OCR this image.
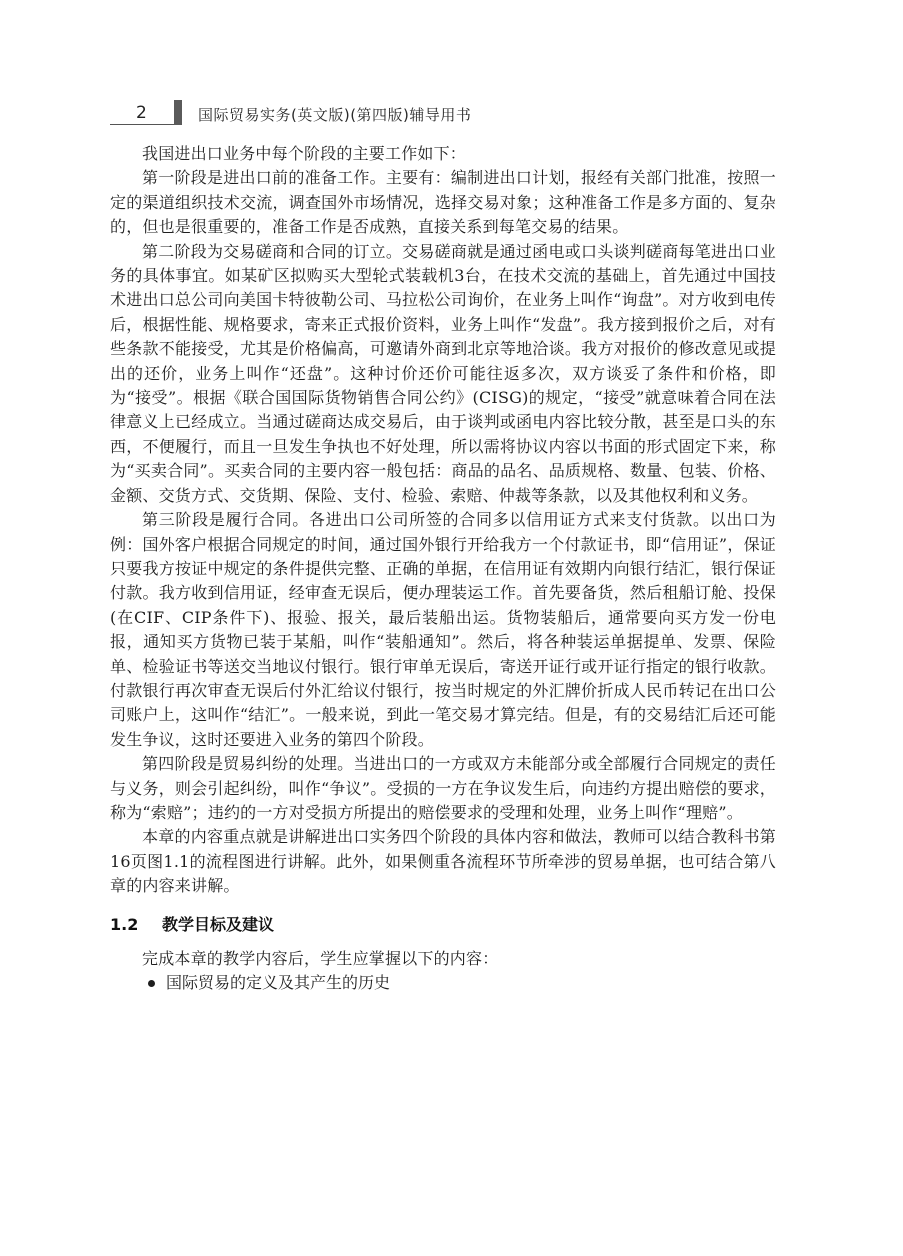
2	国际贸易实务(英文版)(第四版)辅导用书

我国进出口业务中每个阶段的主要工作如下：

第一阶段是进出口前的准备工作。主要有：编制进出口计划，报经有关部门批准，按照一定的渠道组织技术交流，调查国外市场情况，选择交易对象；这种准备工作是多方面的、复杂的，但也是很重要的，准备工作是否成熟，直接关系到每笔交易的结果。

第二阶段为交易磋商和合同的订立。交易磋商就是通过函电或口头谈判磋商每笔进出口业务的具体事宜。如某矿区拟购买大型轮式装载机3台，在技术交流的基础上，首先通过中国技术进出口总公司向美国卡特彼勒公司、马拉松公司询价，在业务上叫作“询盘”。对方收到电传后，根据性能、规格要求，寄来正式报价资料，业务上叫作“发盘”。我方接到报价之后，对有些条款不能接受，尤其是价格偏高，可邀请外商到北京等地洽谈。我方对报价的修改意见或提出的还价，业务上叫作“还盘”。这种讨价还价可能往返多次，双方谈妥了条件和价格，即为“接受”。根据《联合国国际货物销售合同公约》(CISG)的规定，“接受”就意味着合同在法律意义上已经成立。当通过磋商达成交易后，由于谈判或函电内容比较分散，甚至是口头的东西，不便履行，而且一旦发生争执也不好处理，所以需将协议内容以书面的形式固定下来，称为“买卖合同”。买卖合同的主要内容一般包括：商品的品名、品质规格、数量、包装、价格、金额、交货方式、交货期、保险、支付、检验、索赔、仲裁等条款，以及其他权利和义务。

第三阶段是履行合同。各进出口公司所签的合同多以信用证方式来支付货款。以出口为例：国外客户根据合同规定的时间，通过国外银行开给我方一个付款证书，即“信用证”，保证只要我方按证中规定的条件提供完整、正确的单据，在信用证有效期内向银行结汇，银行保证付款。我方收到信用证，经审查无误后，便办理装运工作。首先要备货，然后租船订舱、投保(在CIF、CIP条件下)、报验、报关，最后装船出运。货物装船后，通常要向买方发一份电报，通知买方货物已装于某船，叫作“装船通知”。然后，将各种装运单据提单、发票、保险单、检验证书等送交当地议付银行。银行审单无误后，寄送开证行或开证行指定的银行收款。付款银行再次审查无误后付外汇给议付银行，按当时规定的外汇牌价折成人民币转记在出口公司账户上，这叫作“结汇”。一般来说，到此一笔交易才算完结。但是，有的交易结汇后还可能发生争议，这时还要进入业务的第四个阶段。

第四阶段是贸易纠纷的处理。当进出口的一方或双方未能部分或全部履行合同规定的责任与义务，则会引起纠纷，叫作“争议”。受损的一方在争议发生后，向违约方提出赔偿的要求，称为“索赔”；违约的一方对受损方所提出的赔偿要求的受理和处理，业务上叫作“理赔”。

本章的内容重点就是讲解进出口实务四个阶段的具体内容和做法，教师可以结合教科书第16页图1.1的流程图进行讲解。此外，如果侧重各流程环节所牵涉的贸易单据，也可结合第八章的内容来讲解。

1.2 教学目标及建议

完成本章的教学内容后，学生应掌握以下的内容：

国际贸易的定义及其产生的历史
